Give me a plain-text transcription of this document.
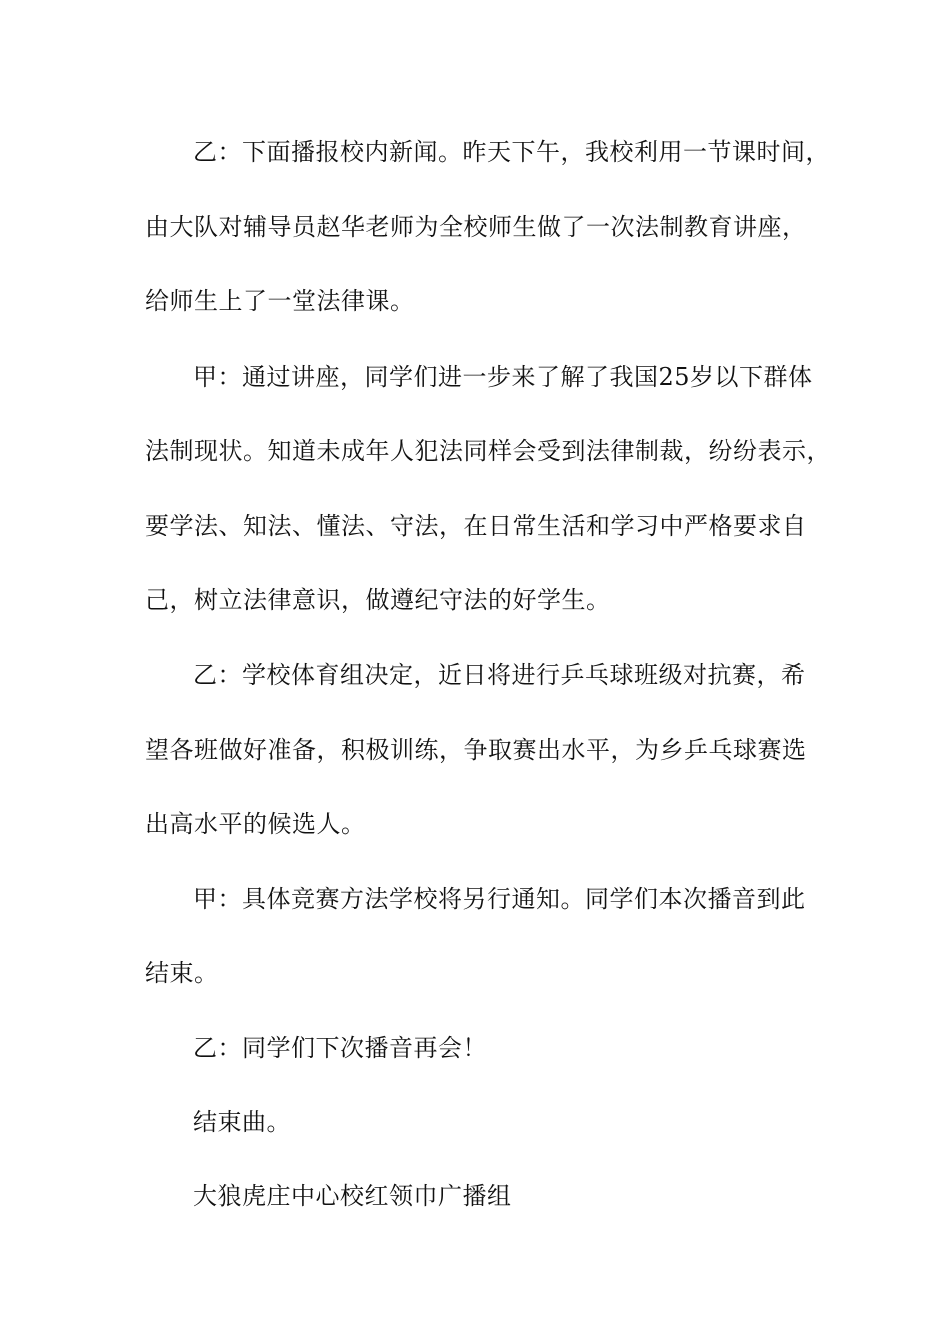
乙：下面播报校内新闻。昨天下午，我校利用一节课时间，
由大队对辅导员赵华老师为全校师生做了一次法制教育讲座，
给师生上了一堂法律课。
甲：通过讲座，同学们进一步来了解了我国25岁以下群体
法制现状。知道未成年人犯法同样会受到法律制裁，纷纷表示，
要学法、知法、懂法、守法，在日常生活和学习中严格要求自
己，树立法律意识，做遵纪守法的好学生。
乙：学校体育组决定，近日将进行乒乓球班级对抗赛，希
望各班做好准备，积极训练，争取赛出水平，为乡乒乓球赛选
出高水平的候选人。
甲：具体竞赛方法学校将另行通知。同学们本次播音到此
结束。
乙：同学们下次播音再会！
结束曲。
大狼虎庄中心校红领巾广播组
